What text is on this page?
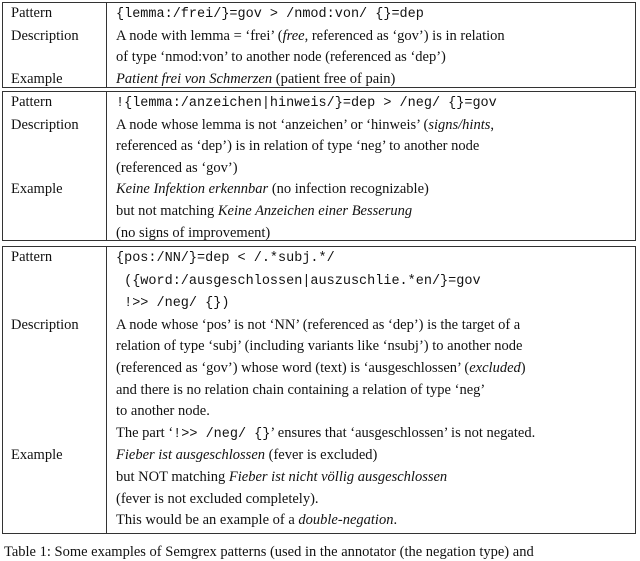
Pattern	{lemma:/frei/}=gov > /nmod:von/ {}=dep
Description	A node with lemma = ‘frei’ (free, referenced as ‘gov’) is in relation
of type ‘nmod:von’ to another node (referenced as ‘dep’)
Example	Patient frei von Schmerzen (patient free of pain)
Pattern	!{lemma:/anzeichen|hinweis/}=dep > /neg/ {}=gov
Description	A node whose lemma is not ‘anzeichen’ or ‘hinweis’ (signs/hints,
referenced as ‘dep’) is in relation of type ‘neg’ to another node
(referenced as ‘gov’)
Example	Keine Infektion erkennbar (no infection recognizable)
but not matching Keine Anzeichen einer Besserung
(no signs of improvement)
Pattern	{pos:/NN/}=dep < /.*subj.*/
({word:/ausgeschlossen|auszuschlie.*en/}=gov
!>> /neg/ {})
Description	A node whose ‘pos’ is not ‘NN’ (referenced as ‘dep’) is the target of a
relation of type ‘subj’ (including variants like ‘nsubj’) to another node
(referenced as ‘gov’) whose word (text) is ‘ausgeschlossen’ (excluded)
and there is no relation chain containing a relation of type ‘neg’
to another node.
The part ‘!>> /neg/ {}’ ensures that ‘ausgeschlossen’ is not negated.
Example	Fieber ist ausgeschlossen (fever is excluded)
but NOT matching Fieber ist nicht völlig ausgeschlossen
(fever is not excluded completely).
This would be an example of a double-negation.
Table 1: Some examples of Semgrex patterns (used in the annotator (the negation type) and
